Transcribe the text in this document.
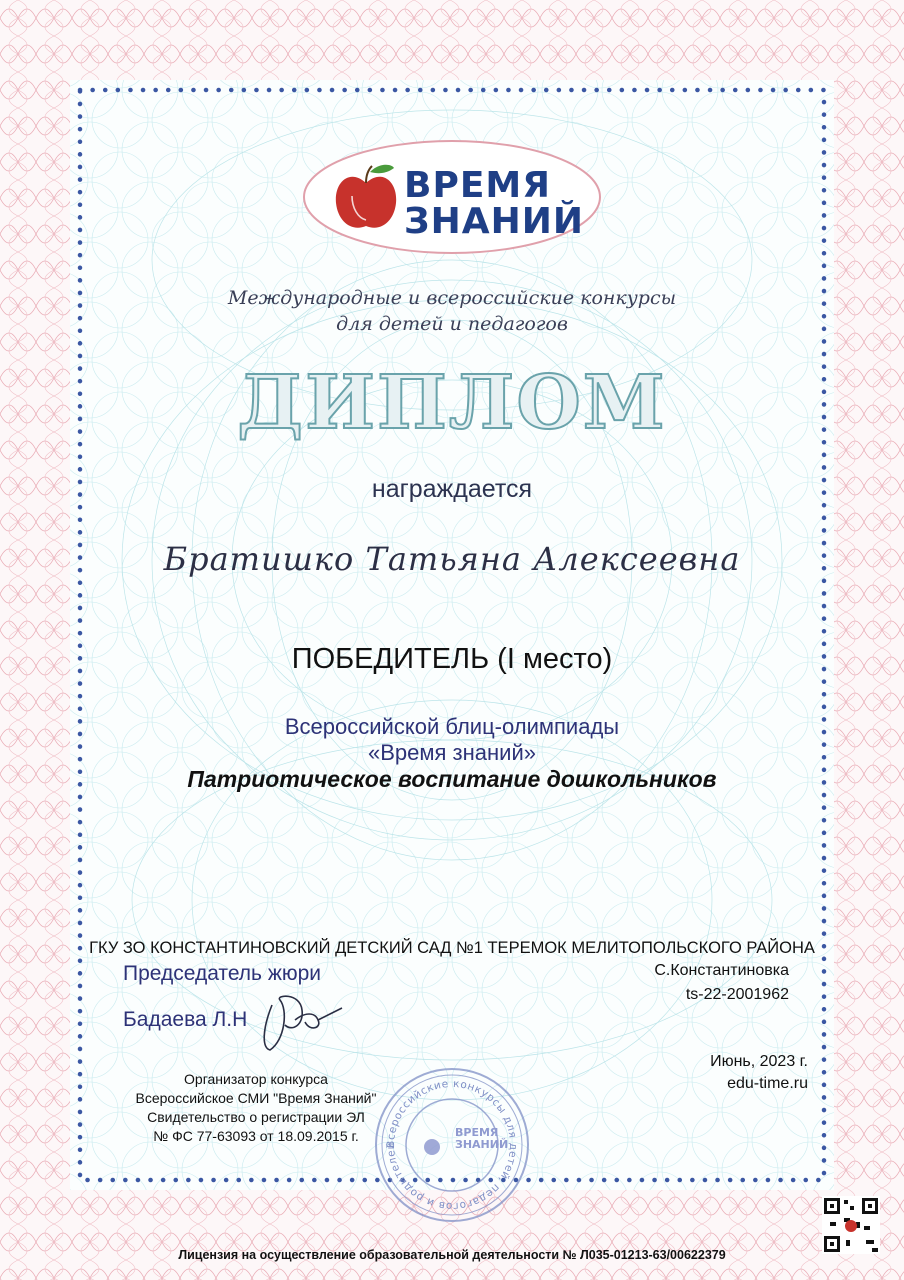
Всероссийские конкурсы для детей, педагогов и родителей
ВРЕМЯ
ЗНАНИЙ
Международные и всероссийские конкурсы
для детей и педагогов
ДИПЛОМ
награждается
Братишко Татьяна Алексеевна
ПОБЕДИТЕЛЬ (I место)
Всероссийской блиц-олимпиады
«Время знаний»
Патриотическое воспитание дошкольников
ГКУ ЗО КОНСТАНТИНОВСКИЙ ДЕТСКИЙ САД №1 ТЕРЕМОК МЕЛИТОПОЛЬСКОГО РАЙОНА
Председатель жюри
Бадаева Л.Н
С.Константиновка
ts-22-2001962
Июнь, 2023 г.
edu-time.ru
Организатор конкурса
Всероссийское СМИ "Время Знаний"
Свидетельство о регистрации ЭЛ
№ ФС 77-63093 от 18.09.2015 г.	ВРЕМЯ
ЗНАНИЙ
Лицензия на осуществление образовательной деятельности № Л035-01213-63/00622379
